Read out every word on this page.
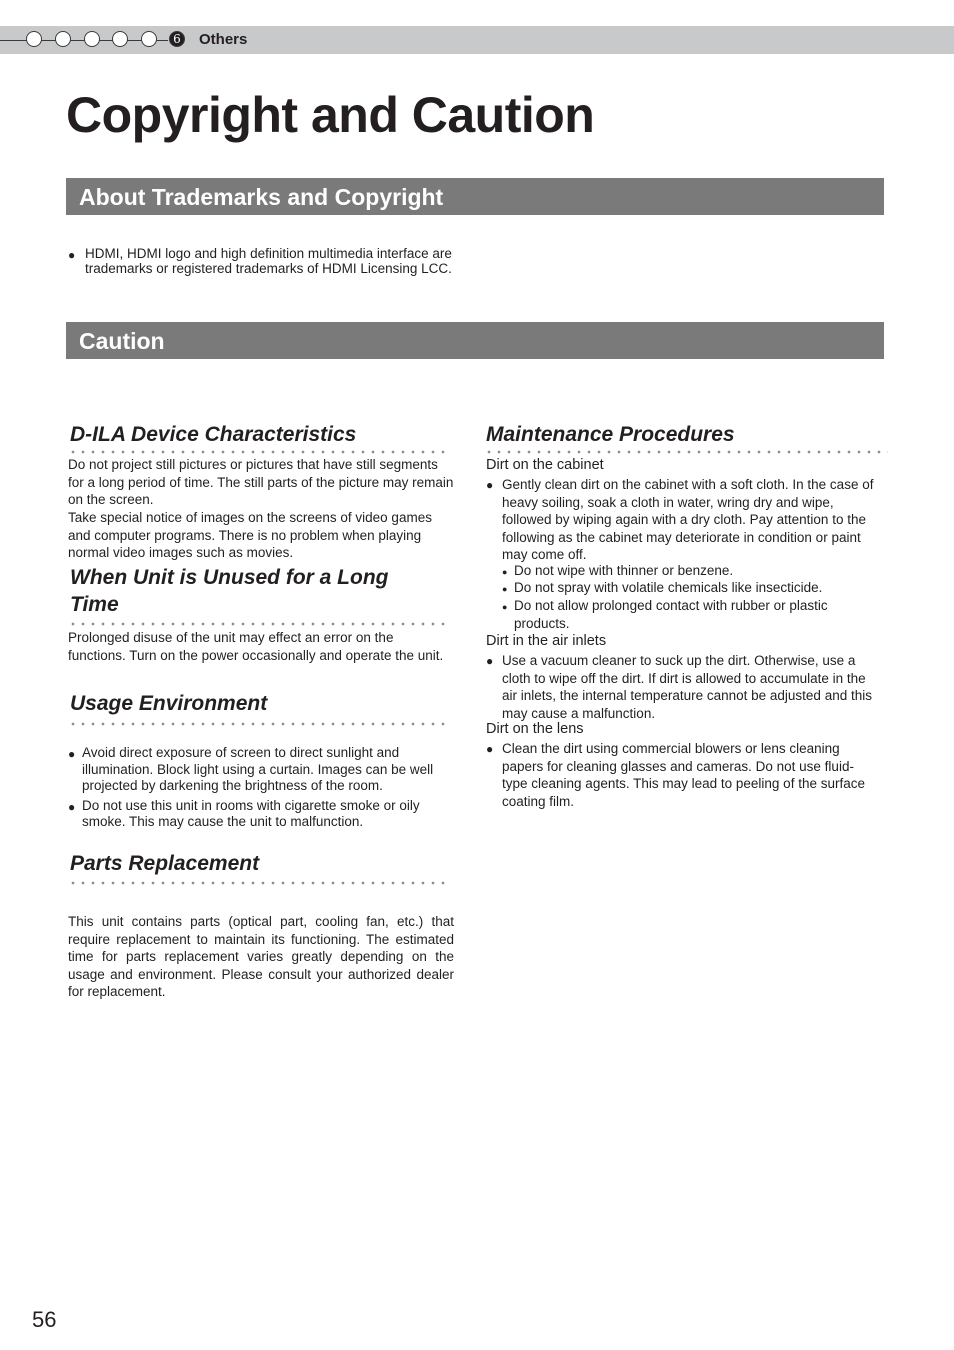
6 Others
Copyright and Caution
About Trademarks and Copyright
● HDMI, HDMI logo and high definition multimedia interface are trademarks or registered trademarks of HDMI Licensing LCC.
Caution
D-ILA Device Characteristics
Do not project still pictures or pictures that have still segments for a long period of time. The still parts of the picture may remain on the screen.
Take special notice of images on the screens of video games and computer programs. There is no problem when playing normal video images such as movies.
When Unit is Unused for a Long Time
Prolonged disuse of the unit may effect an error on the functions. Turn on the power occasionally and operate the unit.
Usage Environment
● Avoid direct exposure of screen to direct sunlight and illumination. Block light using a curtain. Images can be well projected by darkening the brightness of the room.
● Do not use this unit in rooms with cigarette smoke or oily smoke. This may cause the unit to malfunction.
Parts Replacement
This unit contains parts (optical part, cooling fan, etc.) that require replacement to maintain its functioning. The estimated time for parts replacement varies greatly depending on the usage and environment. Please consult your authorized dealer for replacement.
Maintenance Procedures
Dirt on the cabinet
● Gently clean dirt on the cabinet with a soft cloth. In the case of heavy soiling, soak a cloth in water, wring dry and wipe, followed by wiping again with a dry cloth. Pay attention to the following as the cabinet may deteriorate in condition or paint may come off.
● Do not wipe with thinner or benzene.
● Do not spray with volatile chemicals like insecticide.
● Do not allow prolonged contact with rubber or plastic products.
Dirt in the air inlets
● Use a vacuum cleaner to suck up the dirt. Otherwise, use a cloth to wipe off the dirt. If dirt is allowed to accumulate in the air inlets, the internal temperature cannot be adjusted and this may cause a malfunction.
Dirt on the lens
● Clean the dirt using commercial blowers or lens cleaning papers for cleaning glasses and cameras. Do not use fluid-type cleaning agents. This may lead to peeling of the surface coating film.
56
